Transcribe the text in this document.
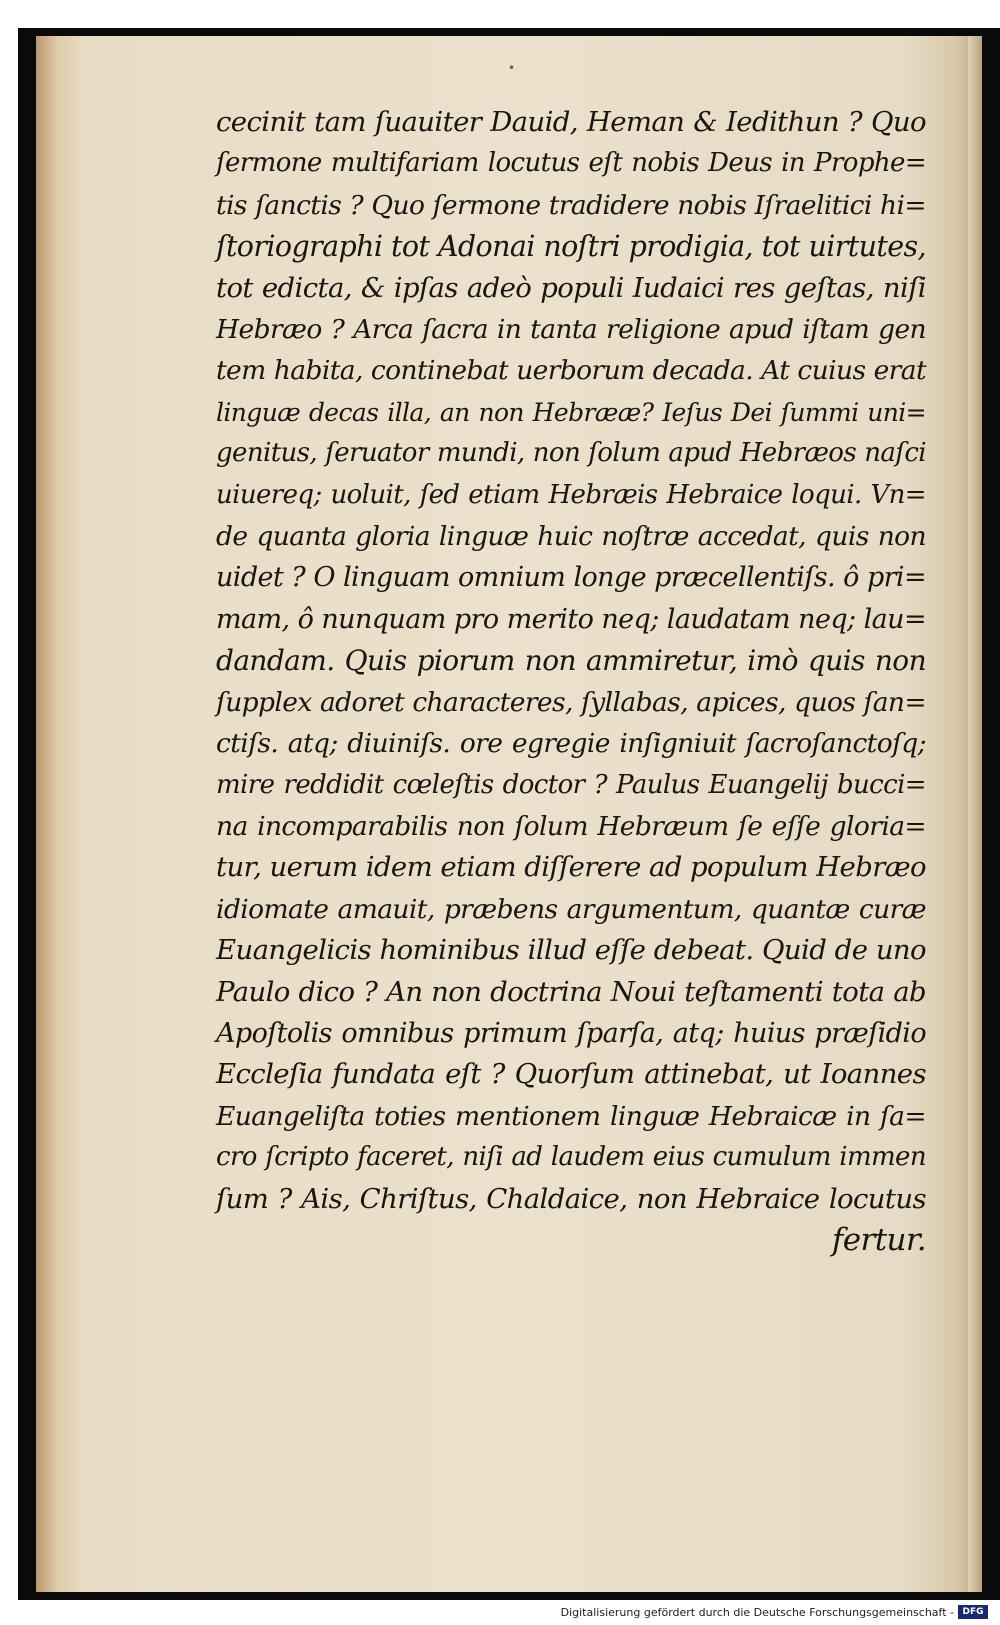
•
cecinit tam ſuauiter Dauid, Heman & Iedithun ? Quo
ſermone multifariam locutus eſt nobis Deus in Prophe=
tis ſanctis ? Quo ſermone tradidere nobis Iſraelitici hi=
ſtoriographi tot Adonai noſtri prodigia, tot uirtutes,
tot edicta, & ipſas adeò populi Iudaici res geſtas, niſi
Hebræo ? Arca ſacra in tanta religione apud iſtam gen
tem habita, continebat uerborum decada. At cuius erat
linguæ decas illa, an non Hebrææ? Ieſus Dei ſummi uni=
genitus, ſeruator mundi, non ſolum apud Hebræos naſci
uiuereq; uoluit, ſed etiam Hebræis Hebraice loqui. Vn=
de quanta gloria linguæ huic noſtræ accedat, quis non
uidet ? O linguam omnium longe præcellentiſs. ô pri=
mam, ô nunquam pro merito neq; laudatam neq; lau=
dandam. Quis piorum non ammiretur, imò quis non
ſupplex adoret characteres, ſyllabas, apices, quos ſan=
ctiſs. atq; diuiniſs. ore egregie inſigniuit ſacroſanctoſq;
mire reddidit cœleſtis doctor ? Paulus Euangelij bucci=
na incomparabilis non ſolum Hebræum ſe eſſe gloria=
tur, uerum idem etiam diſſerere ad populum Hebræo
idiomate amauit, præbens argumentum, quantæ curæ
Euangelicis hominibus illud eſſe debeat. Quid de uno
Paulo dico ? An non doctrina Noui teſtamenti tota ab
Apoſtolis omnibus primum ſparſa, atq; huius præſidio
Eccleſia fundata eſt ? Quorſum attinebat, ut Ioannes
Euangeliſta toties mentionem linguæ Hebraicæ in ſa=
cro ſcripto faceret, niſi ad laudem eius cumulum immen
ſum ? Ais, Chriſtus, Chaldaice, non Hebraice locutus
fertur.
Digitalisierung gefördert durch die Deutsche Forschungsgemeinschaft - DFG
